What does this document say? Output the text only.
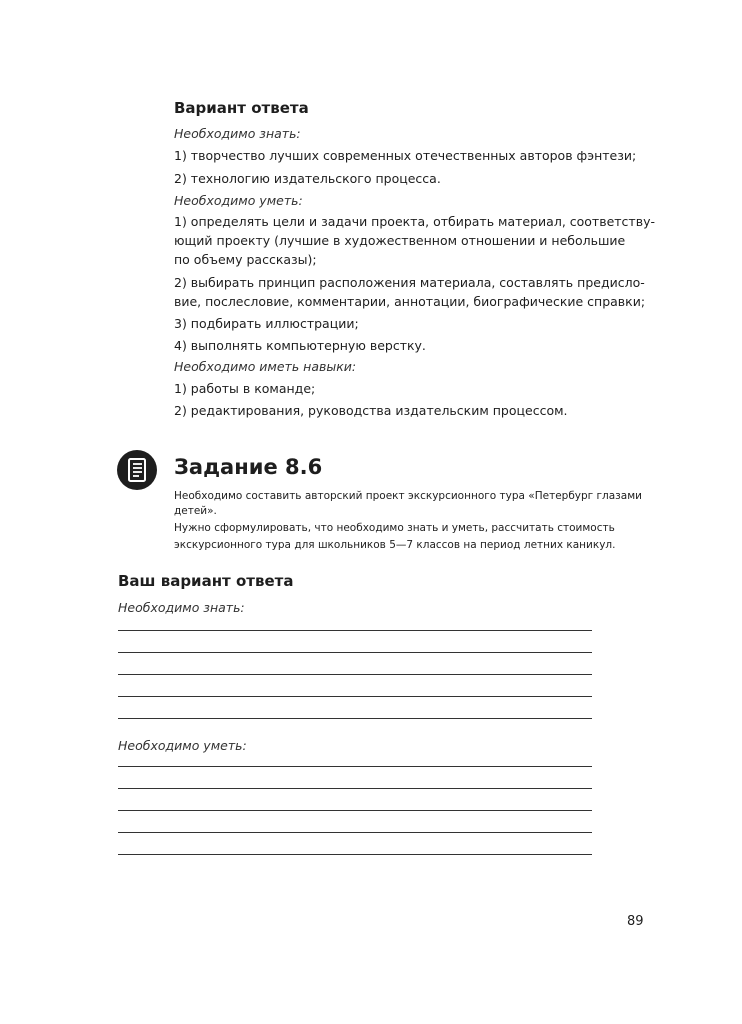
Вариант ответа
Необходимо знать:
1) творчество лучших современных отечественных авторов фэнтези;
2) технологию издательского процесса.
Необходимо уметь:
1) определять цели и задачи проекта, отбирать материал, соответству-
ющий проекту (лучшие в художественном отношении и небольшие
по объему рассказы);
2) выбирать принцип расположения материала, составлять предисло-
вие, послесловие, комментарии, аннотации, биографические справки;
3) подбирать иллюстрации;
4) выполнять компьютерную верстку.
Необходимо иметь навыки:
1) работы в команде;
2) редактирования, руководства издательским процессом.
Задание 8.6
Необходимо составить авторский проект экскурсионного тура «Петербург глазами
детей».
Нужно сформулировать, что необходимо знать и уметь, рассчитать стоимость
экскурсионного тура для школьников 5—7 классов на период летних каникул.
Ваш вариант ответа
Необходимо знать:
Необходимо уметь:
89
